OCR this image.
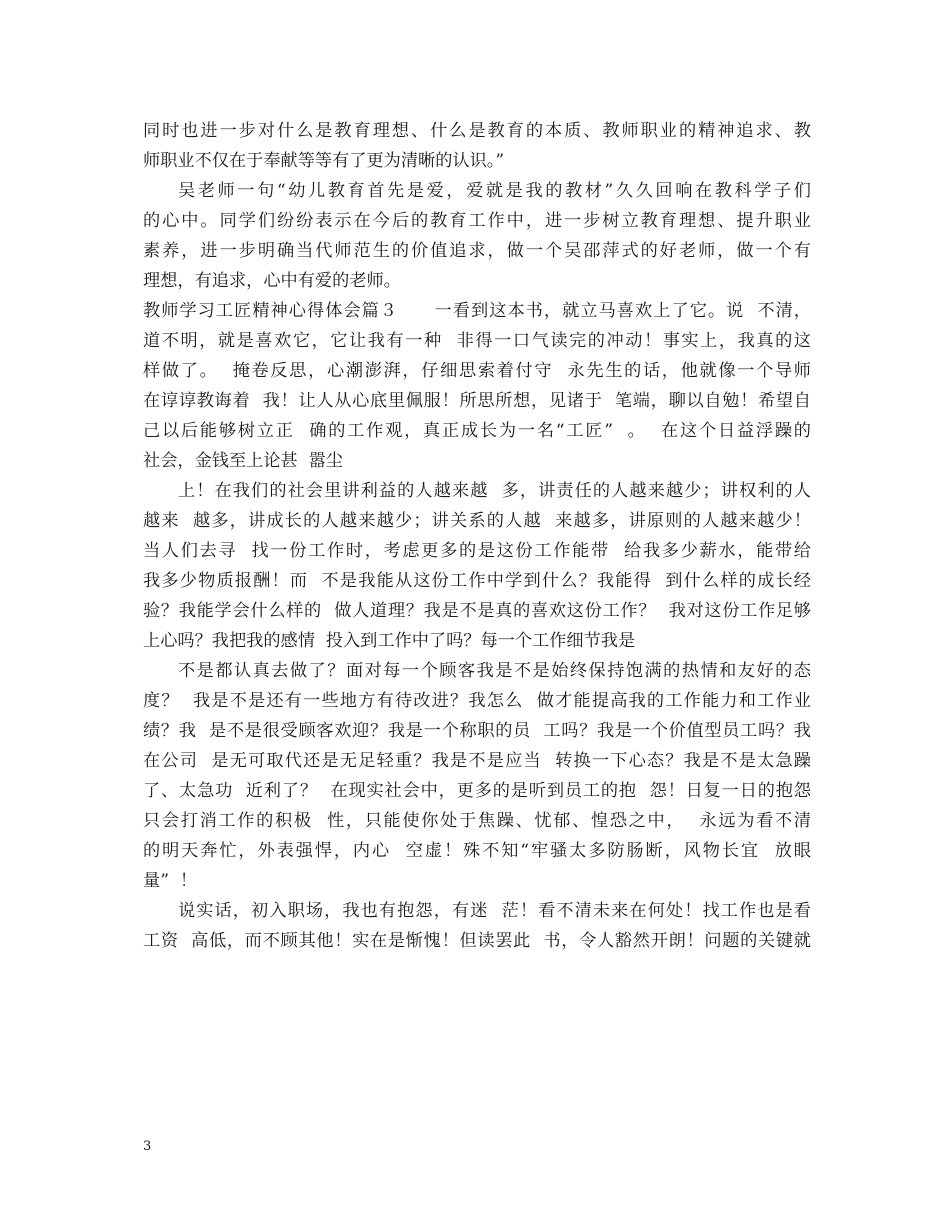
同时也进一步对什么是教育理想、什么是教育的本质、教师职业的精神追求、教
师职业不仅在于奉献等等有了更为清晰的认识。”
吴老师一句“幼儿教育首先是爱，爱就是我的教材”久久回响在教科学子们
的心中。同学们纷纷表示在今后的教育工作中，进一步树立教育理想、提升职业
素养，进一步明确当代师范生的价值追求，做一个吴邵萍式的好老师，做一个有
理想，有追求，心中有爱的老师。
教师学习工匠精神心得体会篇３　　一看到这本书，就立马喜欢上了它。说  不清，
道不明，就是喜欢它，它让我有一种  非得一口气读完的冲动！事实上，我真的这
样做了。  掩卷反思，心潮澎湃，仔细思索着付守  永先生的话，他就像一个导师
在谆谆教诲着  我！让人从心底里佩服！所思所想，见诸于  笔端，聊以自勉！希望自
己以后能够树立正  确的工作观，真正成长为一名“工匠”  。  在这个日益浮躁的
社会，金钱至上论甚  嚣尘
上！在我们的社会里讲利益的人越来越  多，讲责任的人越来越少；讲权利的人
越来  越多，讲成长的人越来越少；讲关系的人越  来越多，讲原则的人越来越少！
当人们去寻  找一份工作时，考虑更多的是这份工作能带  给我多少薪水，能带给
我多少物质报酬！而  不是我能从这份工作中学到什么？我能得  到什么样的成长经
验？我能学会什么样的  做人道理？我是不是真的喜欢这份工作？  我对这份工作足够
上心吗？我把我的感情  投入到工作中了吗？每一个工作细节我是
不是都认真去做了？面对每一个顾客我是不是始终保持饱满的热情和友好的态
度？  我是不是还有一些地方有待改进？我怎么  做才能提高我的工作能力和工作业
绩？我  是不是很受顾客欢迎？我是一个称职的员  工吗？我是一个价值型员工吗？我
在公司  是无可取代还是无足轻重？我是不是应当  转换一下心态？我是不是太急躁
了、太急功  近利了？  在现实社会中，更多的是听到员工的抱  怨！日复一日的抱怨
只会打消工作的积极  性，只能使你处于焦躁、忧郁、惶恐之中，  永远为看不清
的明天奔忙，外表强悍，内心  空虚！殊不知“牢骚太多防肠断，风物长宜  放眼
量”  ！
说实话，初入职场，我也有抱怨，有迷  茫！看不清未来在何处！找工作也是看
工资  高低，而不顾其他！实在是惭愧！但读罢此  书，令人豁然开朗！问题的关键就
3
